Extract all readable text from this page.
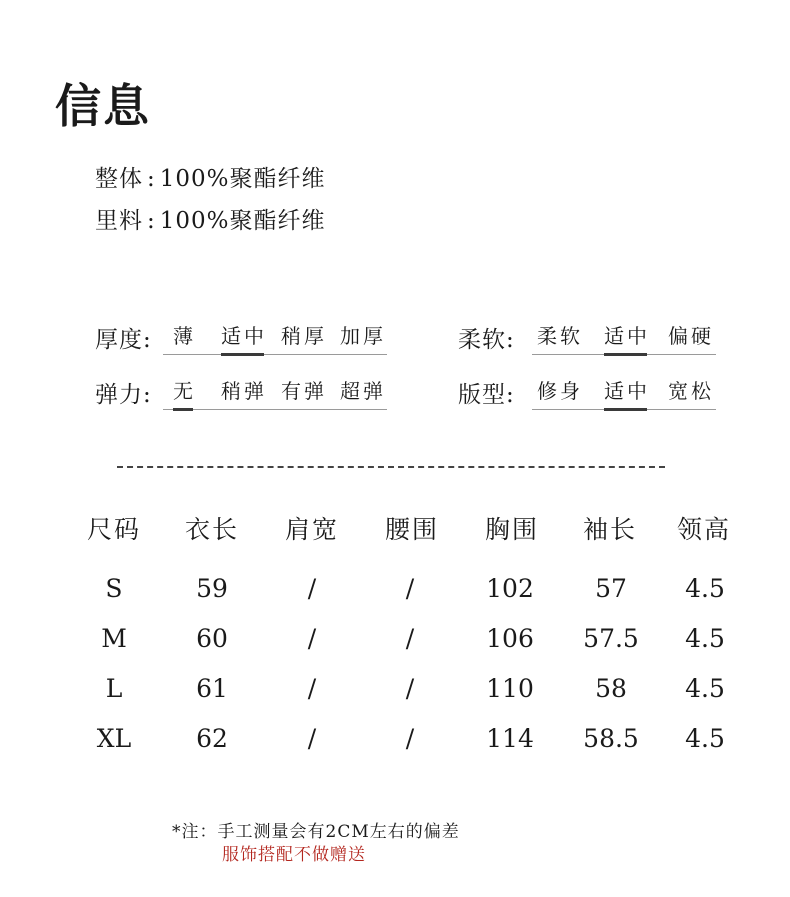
信息
整体 : 100%聚酯纤维
里料 : 100%聚酯纤维
厚度: 薄 适中 稍厚 加厚	柔软: 柔软 适中 偏硬
弹力: 无 稍弹 有弹 超弹	版型: 修身 适中 宽松
尺码 衣长 肩宽 腰围 胸围 袖长 领高
S	59	/	/	102 57 4.5
M	60	/	/	106 57.5 4.5
L	61	/	/	110 58 4.5
XL	62	/	/	114 58.5 4.5
*注：手工测量会有2CM左右的偏差
服饰搭配不做赠送
